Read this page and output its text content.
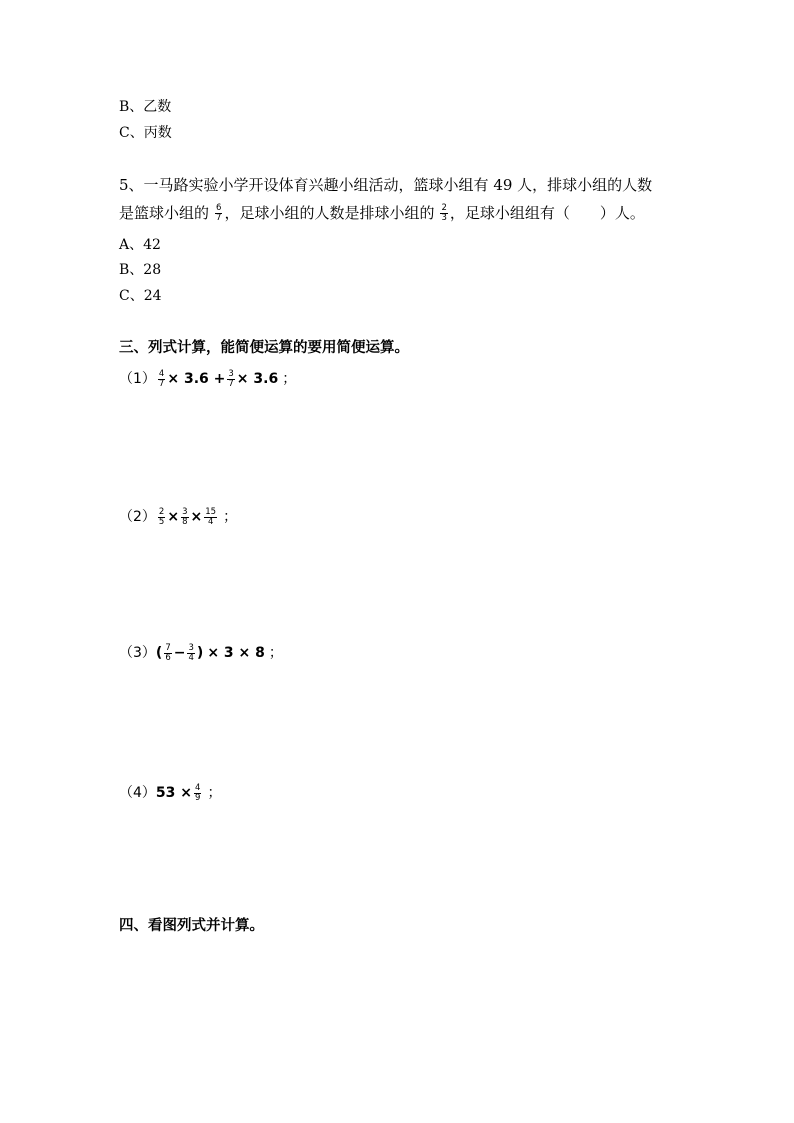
B、乙数
C、丙数
5、一马路实验小学开设体育兴趣小组活动，篮球小组有 49 人，排球小组的人数
是篮球小组的 $\frac{6}{7}$ ，足球小组的人数是排球小组的 $\frac{2}{3}$ ，足球小组组有（　　）人。
A、42
B、28
C、24
三、列式计算，能简便运算的要用简便运算。
$(1) \frac{4}{7} \times 3.6 + \frac{3}{7} \times 3.6$ ；
$(2) \frac{2}{5} \times \frac{3}{8} \times \frac{15}{4}$ ；
（3） ( $\frac{7}{6} - \frac{3}{4}$ ) × 3 × 8 ；
（4） $53 \times \frac{4}{9}$ ；
四、看图列式并计算。
